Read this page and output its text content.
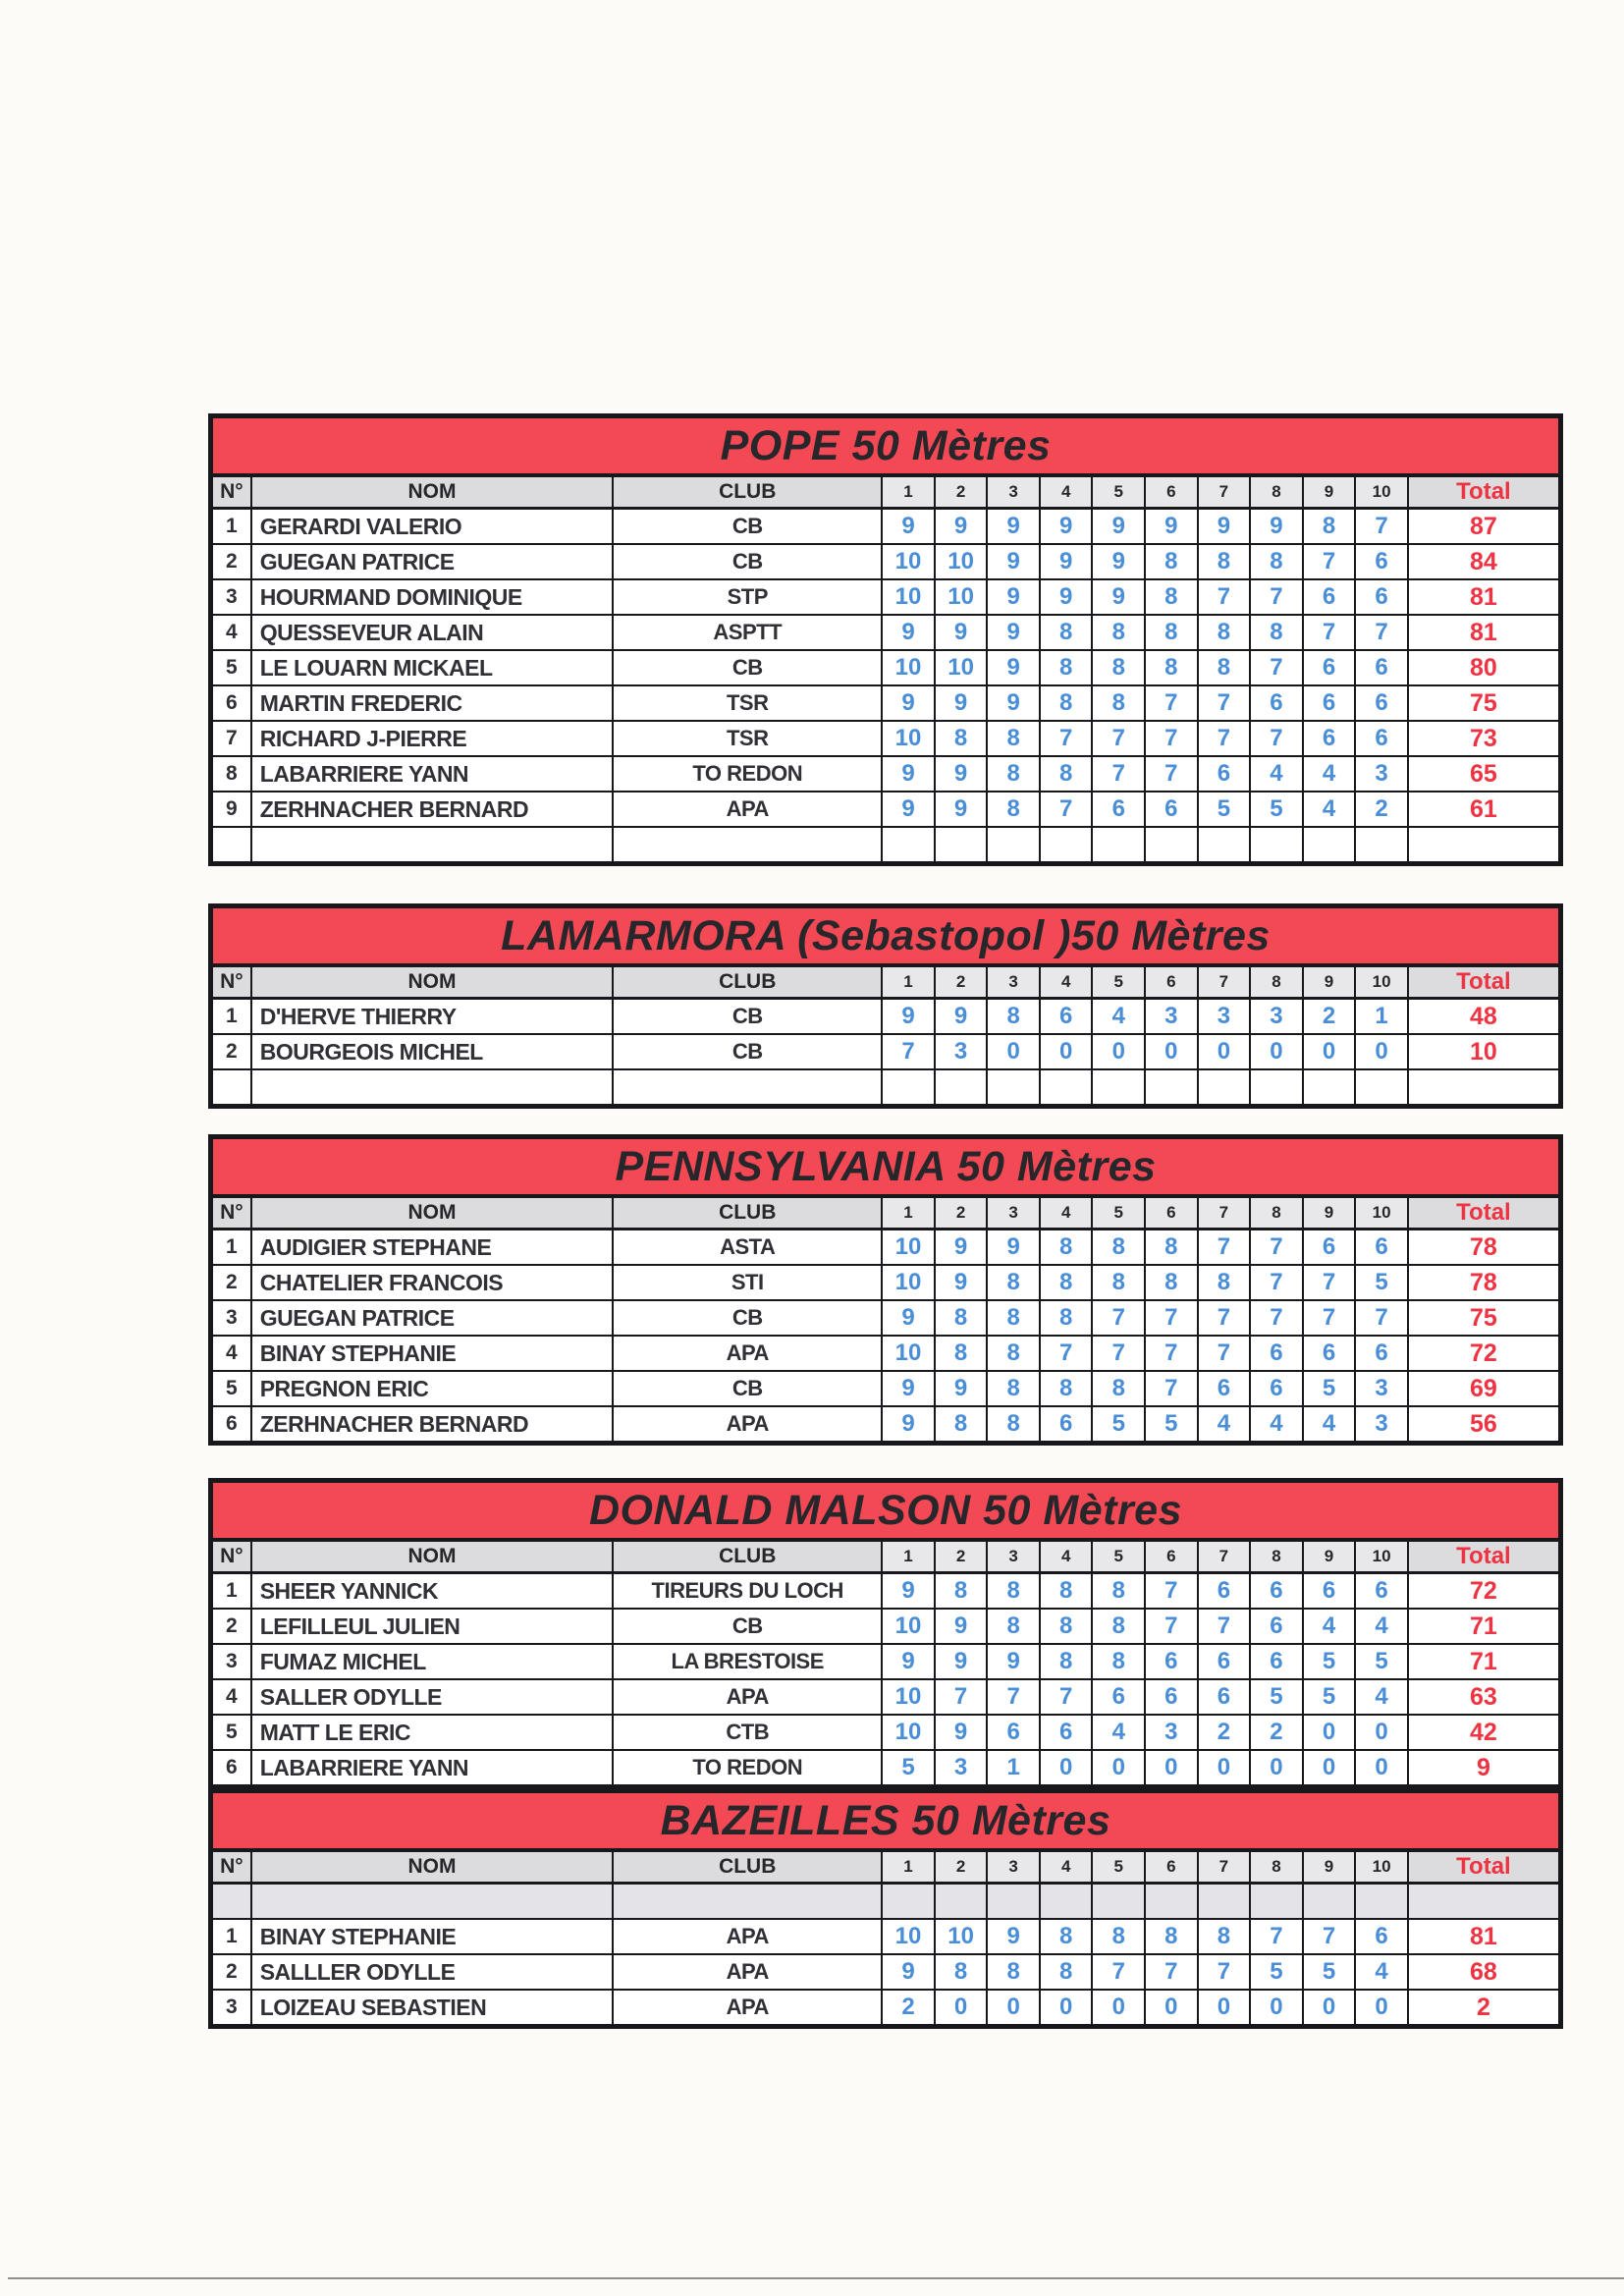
POPE 50 Mètres
N°	NOM	CLUB	1	2	3	4	5	6	7	8	9	10	Total
1	GERARDI VALERIO	CB	9	9	9	9	9	9	9	9	8	7	87
2	GUEGAN PATRICE	CB	10	10	9	9	9	8	8	8	7	6	84
3	HOURMAND DOMINIQUE	STP	10	10	9	9	9	8	7	7	6	6	81
4	QUESSEVEUR ALAIN	ASPTT	9	9	9	8	8	8	8	8	7	7	81
5	LE LOUARN MICKAEL	CB	10	10	9	8	8	8	8	7	6	6	80
6	MARTIN FREDERIC	TSR	9	9	9	8	8	7	7	6	6	6	75
7	RICHARD J-PIERRE	TSR	10	8	8	7	7	7	7	7	6	6	73
8	LABARRIERE YANN	TO REDON	9	9	8	8	7	7	6	4	4	3	65
9	ZERHNACHER BERNARD	APA	9	9	8	7	6	6	5	5	4	2	61
LAMARMORA (Sebastopol )50 Mètres
N°	NOM	CLUB	1	2	3	4	5	6	7	8	9	10	Total
1	D'HERVE THIERRY	CB	9	9	8	6	4	3	3	3	2	1	48
2	BOURGEOIS MICHEL	CB	7	3	0	0	0	0	0	0	0	0	10
PENNSYLVANIA 50 Mètres
N°	NOM	CLUB	1	2	3	4	5	6	7	8	9	10	Total
1	AUDIGIER STEPHANE	ASTA	10	9	9	8	8	8	7	7	6	6	78
2	CHATELIER FRANCOIS	STI	10	9	8	8	8	8	8	7	7	5	78
3	GUEGAN PATRICE	CB	9	8	8	8	7	7	7	7	7	7	75
4	BINAY STEPHANIE	APA	10	8	8	7	7	7	7	6	6	6	72
5	PREGNON ERIC	CB	9	9	8	8	8	7	6	6	5	3	69
6	ZERHNACHER BERNARD	APA	9	8	8	6	5	5	4	4	4	3	56
DONALD MALSON 50 Mètres
N°	NOM	CLUB	1	2	3	4	5	6	7	8	9	10	Total
1	SHEER YANNICK	TIREURS DU LOCH	9	8	8	8	8	7	6	6	6	6	72
2	LEFILLEUL JULIEN	CB	10	9	8	8	8	7	7	6	4	4	71
3	FUMAZ MICHEL	LA BRESTOISE	9	9	9	8	8	6	6	6	5	5	71
4	SALLER ODYLLE	APA	10	7	7	7	6	6	6	5	5	4	63
5	MATT LE ERIC	CTB	10	9	6	6	4	3	2	2	0	0	42
6	LABARRIERE YANN	TO REDON	5	3	1	0	0	0	0	0	0	0	9
BAZEILLES 50 Mètres
N°	NOM	CLUB	1	2	3	4	5	6	7	8	9	10	Total
1	BINAY STEPHANIE	APA	10	10	9	8	8	8	8	7	7	6	81
2	SALLLER ODYLLE	APA	9	8	8	8	7	7	7	5	5	4	68
3	LOIZEAU SEBASTIEN	APA	2	0	0	0	0	0	0	0	0	0	2
